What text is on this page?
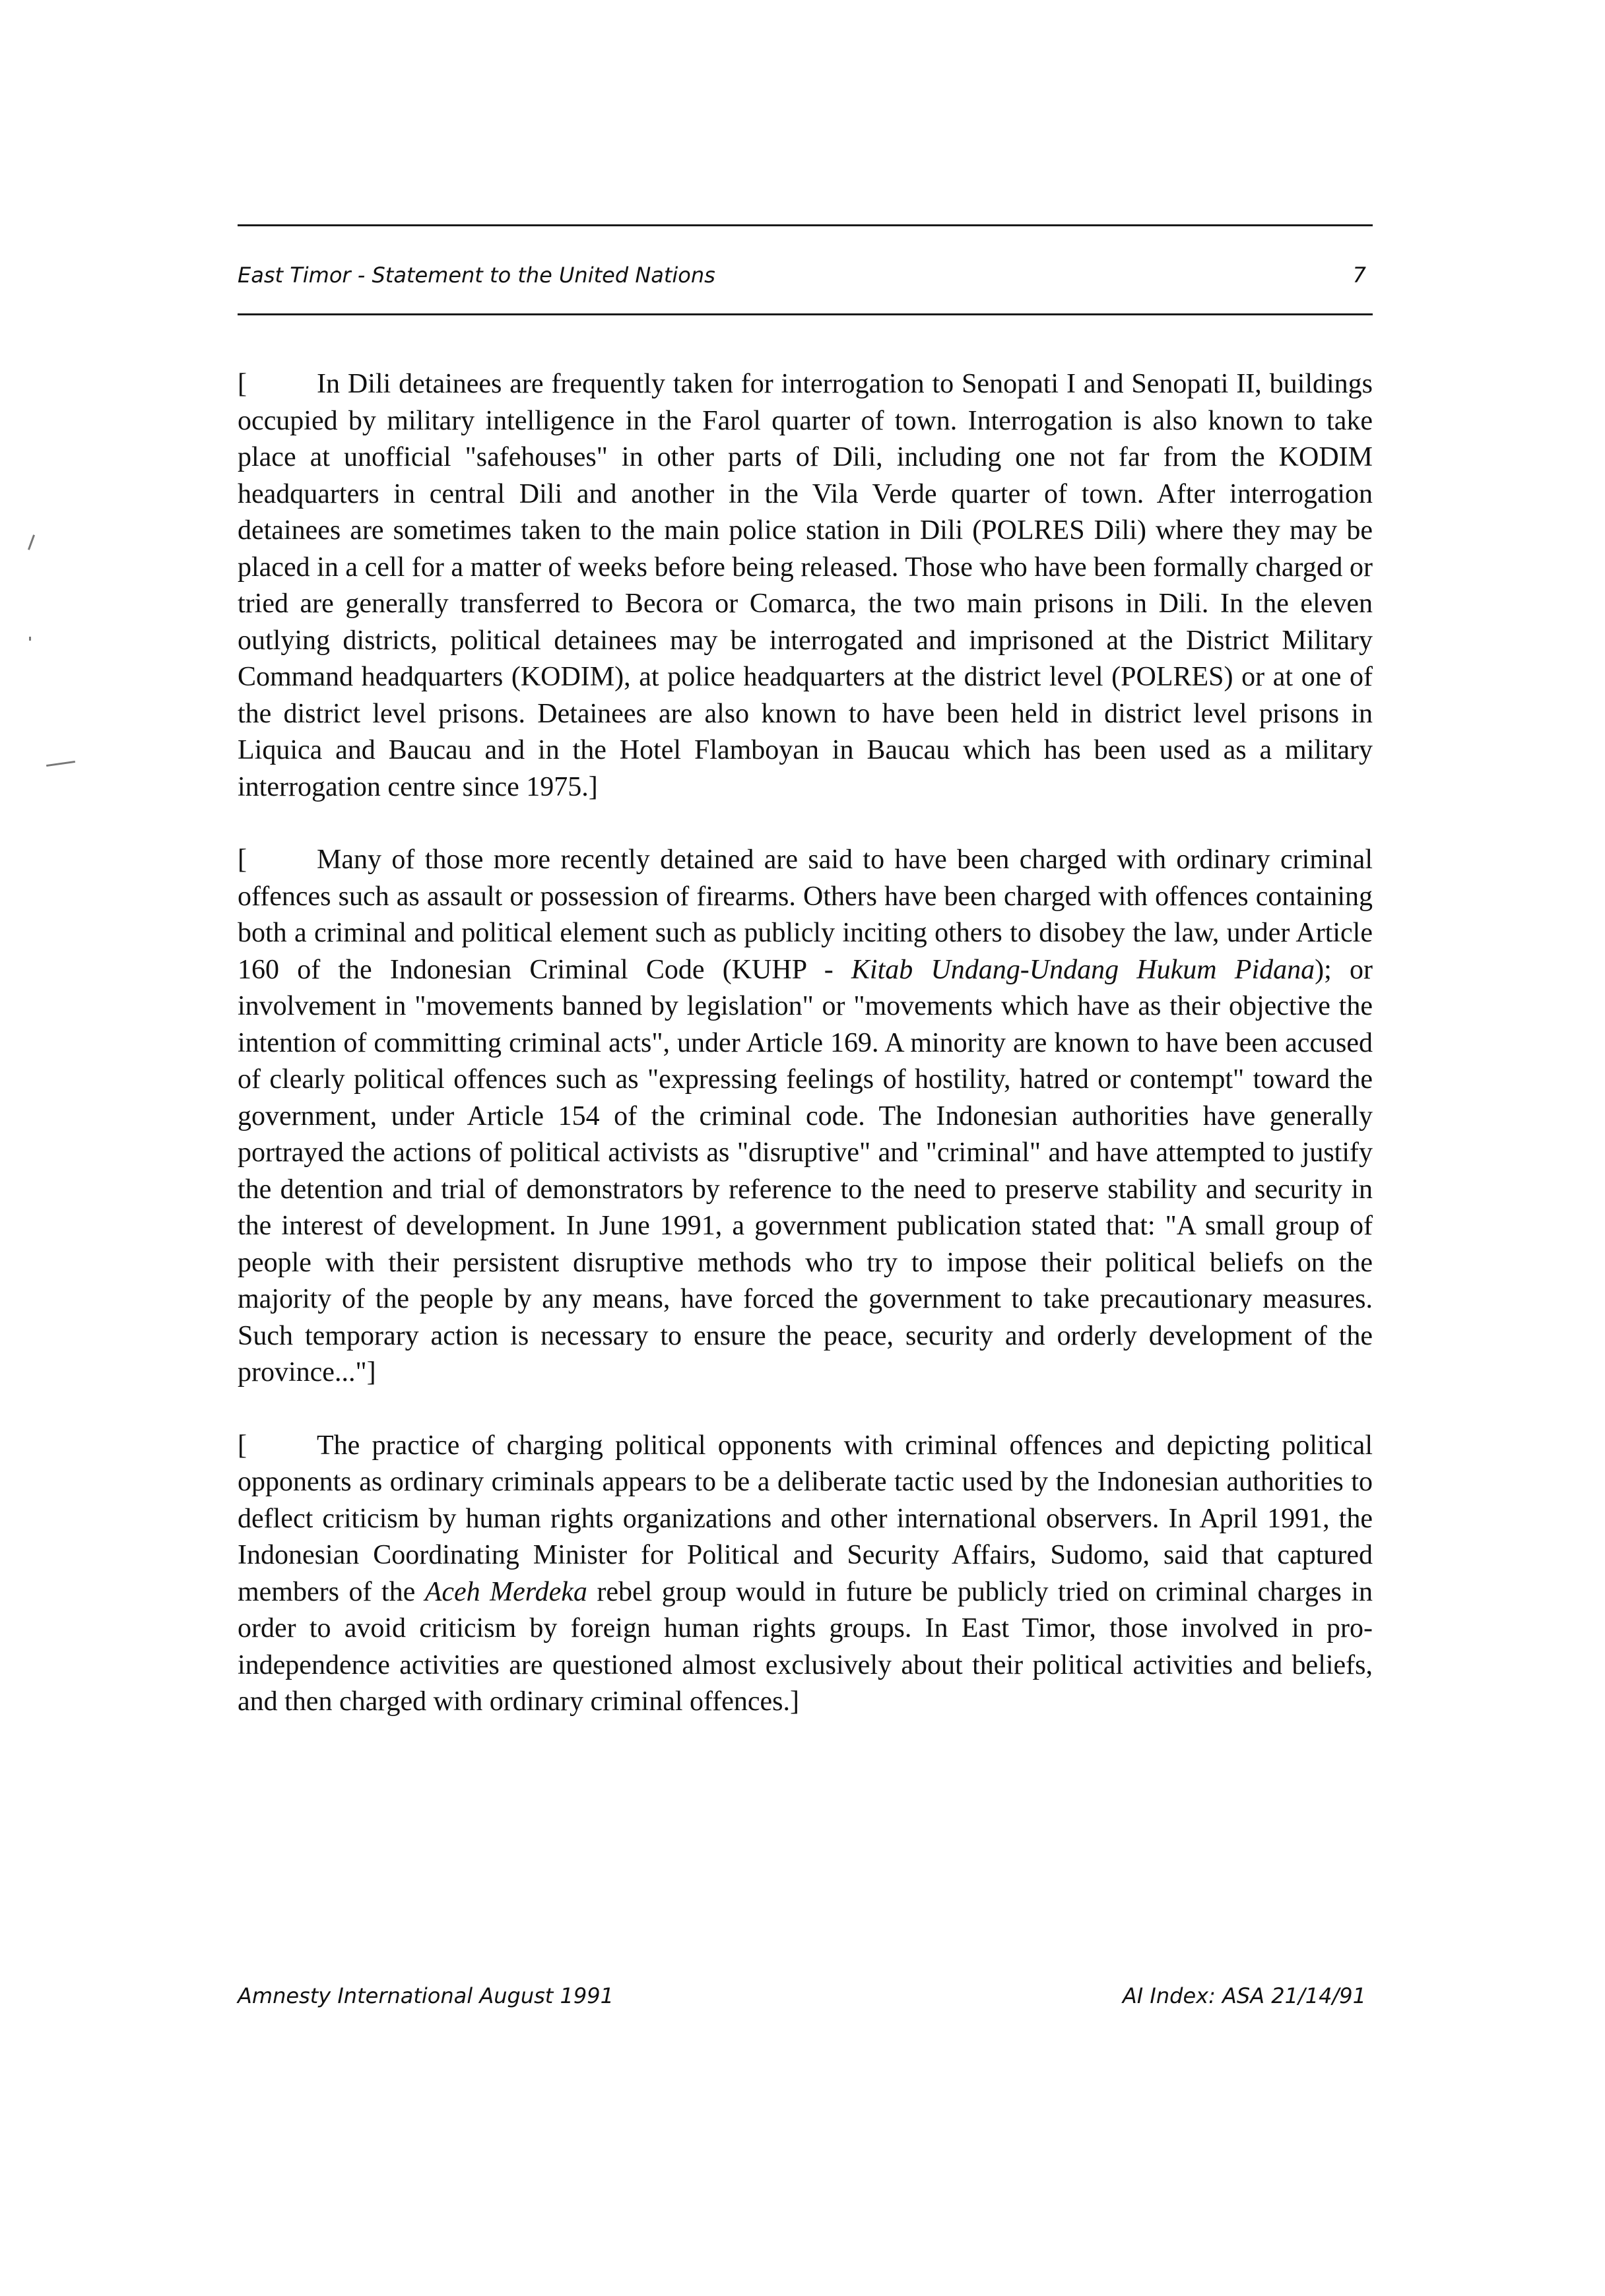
East Timor - Statement to the United Nations	7

[	In Dili detainees are frequently taken for interrogation to Senopati I and Senopati II, buildings occupied by military intelligence in the Farol quarter of town. Interrogation is also known to take place at unofficial "safehouses" in other parts of Dili, including one not far from the KODIM headquarters in central Dili and another in the Vila Verde quarter of town. After interrogation detainees are sometimes taken to the main police station in Dili (POLRES Dili) where they may be placed in a cell for a matter of weeks before being released. Those who have been formally charged or tried are generally transferred to Becora or Comarca, the two main prisons in Dili. In the eleven outlying districts, political detainees may be interrogated and imprisoned at the District Military Command headquarters (KODIM), at police headquarters at the district level (POLRES) or at one of the district level prisons. Detainees are also known to have been held in district level prisons in Liquica and Baucau and in the Hotel Flamboyan in Baucau which has been used as a military interrogation centre since 1975.]

[	Many of those more recently detained are said to have been charged with ordinary criminal offences such as assault or possession of firearms. Others have been charged with offences containing both a criminal and political element such as publicly inciting others to disobey the law, under Article 160 of the Indonesian Criminal Code (KUHP - Kitab Undang-Undang Hukum Pidana); or involvement in "movements banned by legislation" or "movements which have as their objective the intention of committing criminal acts", under Article 169. A minority are known to have been accused of clearly political offences such as "expressing feelings of hostility, hatred or contempt" toward the government, under Article 154 of the criminal code. The Indonesian authorities have generally portrayed the actions of political activists as "disruptive" and "criminal" and have attempted to justify the detention and trial of demonstrators by reference to the need to preserve stability and security in the interest of development. In June 1991, a government publication stated that: "A small group of people with their persistent disruptive methods who try to impose their political beliefs on the majority of the people by any means, have forced the government to take precautionary measures. Such temporary action is necessary to ensure the peace, security and orderly development of the province..."]

[	The practice of charging political opponents with criminal offences and depicting political opponents as ordinary criminals appears to be a deliberate tactic used by the Indonesian authorities to deflect criticism by human rights organizations and other international observers. In April 1991, the Indonesian Coordinating Minister for Political and Security Affairs, Sudomo, said that captured members of the Aceh Merdeka rebel group would in future be publicly tried on criminal charges in order to avoid criticism by foreign human rights groups. In East Timor, those involved in pro-independence activities are questioned almost exclusively about their political activities and beliefs, and then charged with ordinary criminal offences.]

Amnesty International August 1991	AI Index: ASA 21/14/91
